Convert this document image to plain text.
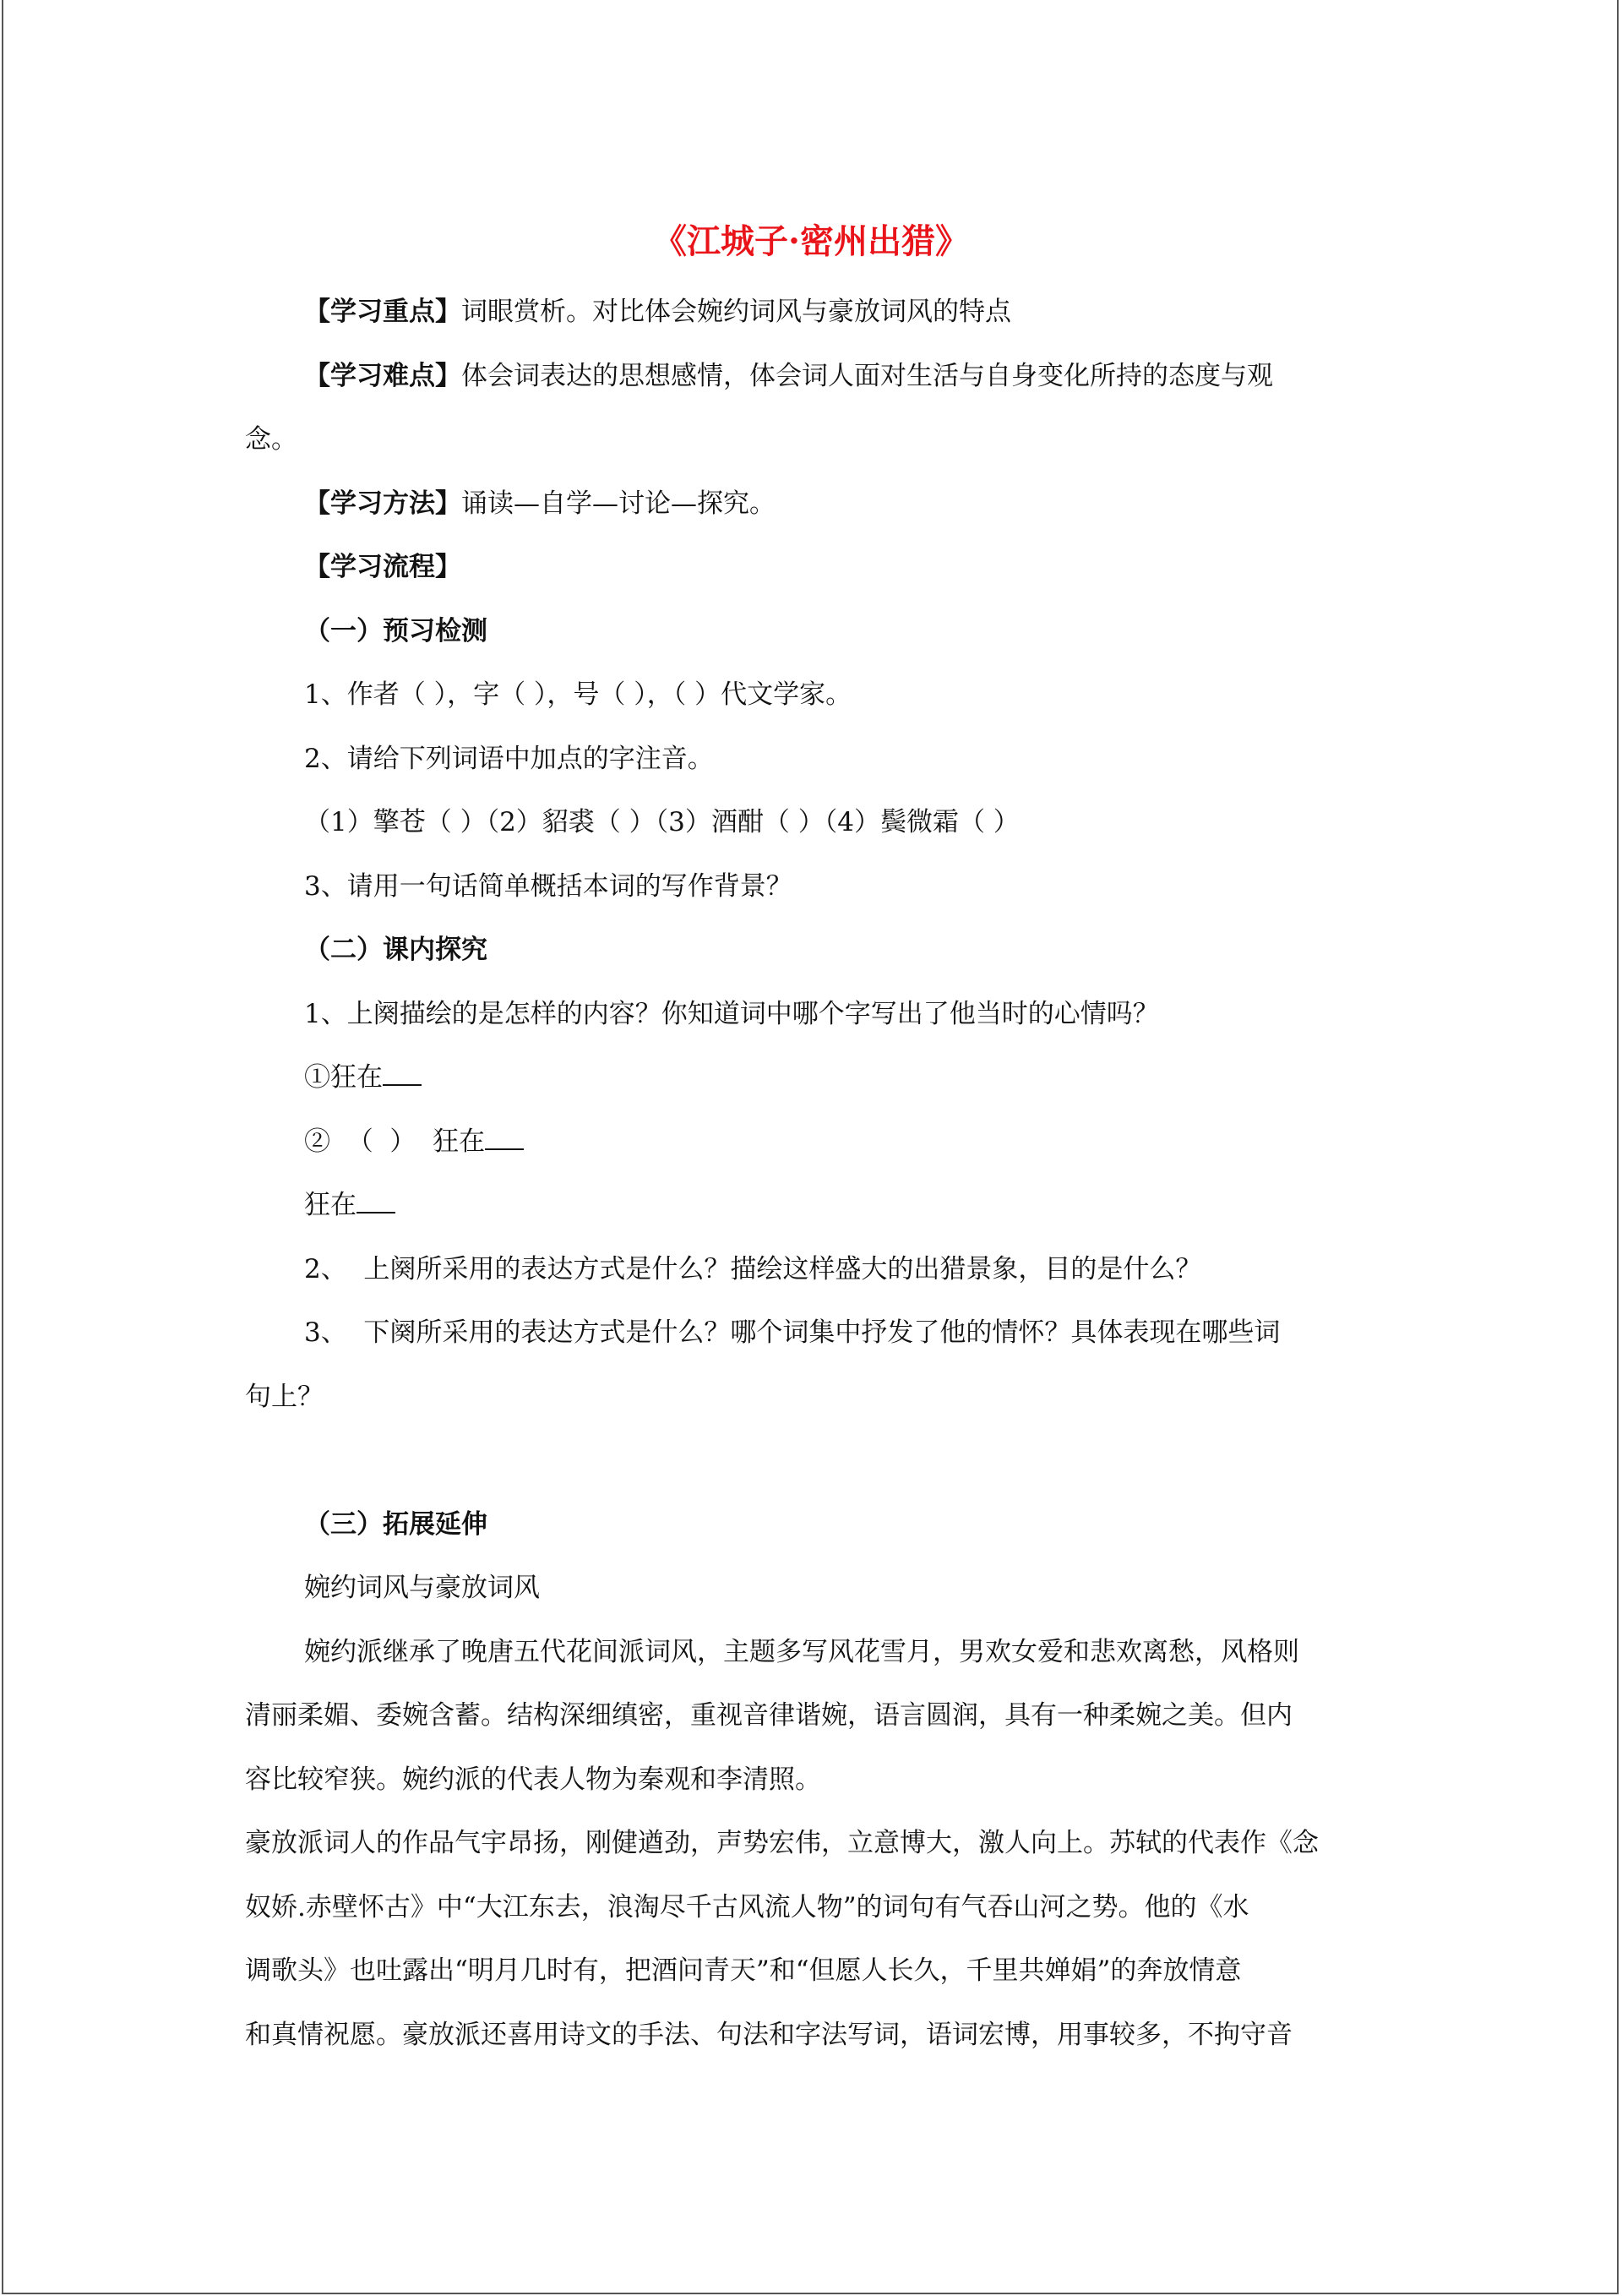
《江城子·密州出猎》
【学习重点】词眼赏析。对比体会婉约词风与豪放词风的特点
【学习难点】体会词表达的思想感情，体会词人面对生活与自身变化所持的态度与观
念。
【学习方法】诵读—自学—讨论—探究。
【学习流程】
（一）预习检测
1、作者（ ），字（ ），号（ ），（ ）代文学家。
2、请给下列词语中加点的字注音。
（1）擎苍（ ）（2）貂裘（ ）（3）酒酣（ ）（4）鬓微霜（ ）
3、请用一句话简单概括本词的写作背景？
（二）课内探究
1、上阕描绘的是怎样的内容？你知道词中哪个字写出了他当时的心情吗？
①狂在
②  （  ）  狂在
狂在
2、  上阕所采用的表达方式是什么？描绘这样盛大的出猎景象，目的是什么？
3、  下阕所采用的表达方式是什么？哪个词集中抒发了他的情怀？具体表现在哪些词
句上？
（三）拓展延伸
婉约词风与豪放词风
婉约派继承了晚唐五代花间派词风，主题多写风花雪月，男欢女爱和悲欢离愁，风格则
清丽柔媚、委婉含蓄。结构深细缜密，重视音律谐婉，语言圆润，具有一种柔婉之美。但内
容比较窄狭。婉约派的代表人物为秦观和李清照。
豪放派词人的作品气宇昂扬，刚健遒劲，声势宏伟，立意博大，激人向上。苏轼的代表作《念
奴娇.赤壁怀古》中“大江东去，浪淘尽千古风流人物”的词句有气吞山河之势。他的《水
调歌头》也吐露出“明月几时有，把酒问青天”和“但愿人长久，千里共婵娟”的奔放情意
和真情祝愿。豪放派还喜用诗文的手法、句法和字法写词，语词宏博，用事较多，不拘守音
